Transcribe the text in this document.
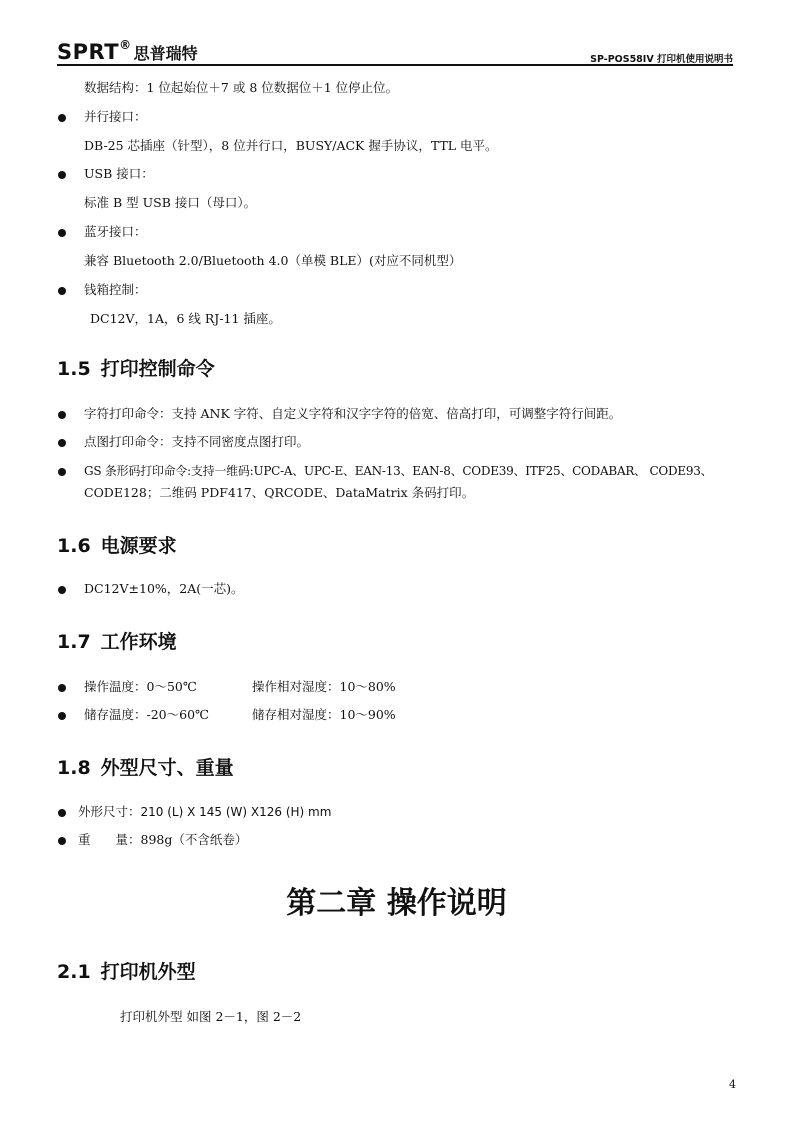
SPRT® 思普瑞特	SP-POS58IV 打印机使用说明书
数据结构：1 位起始位＋7 或 8 位数据位＋1 位停止位。
并行接口：
DB-25 芯插座（针型），8 位并行口，BUSY/ACK 握手协议，TTL 电平。
USB 接口：
标准 B 型 USB 接口（母口）。
蓝牙接口：
兼容 Bluetooth 2.0/Bluetooth 4.0（单模 BLE）(对应不同机型）
钱箱控制：
DC12V，1A，6 线 RJ-11 插座。
1.5 打印控制命令
字符打印命令：支持 ANK 字符、自定义字符和汉字字符的倍宽、倍高打印，可调整字符行间距。
点图打印命令：支持不同密度点图打印。
GS 条形码打印命令:支持一维码:UPC-A、UPC-E、EAN-13、EAN-8、CODE39、ITF25、CODABAR、 CODE93、
CODE128；二维码 PDF417、QRCODE、DataMatrix 条码打印。
1.6 电源要求
DC12V±10%，2A(一芯)。
1.7 工作环境
操作温度：0～50℃	操作相对湿度：10～80%
储存温度：-20～60℃	储存相对湿度：10～90%
1.8 外型尺寸、重量
外形尺寸：210 (L) X 145 (W) X126 (H) mm
重　　量：898g（不含纸卷）
第二章 操作说明
2.1 打印机外型
打印机外型 如图 2－1，图 2－2
4
